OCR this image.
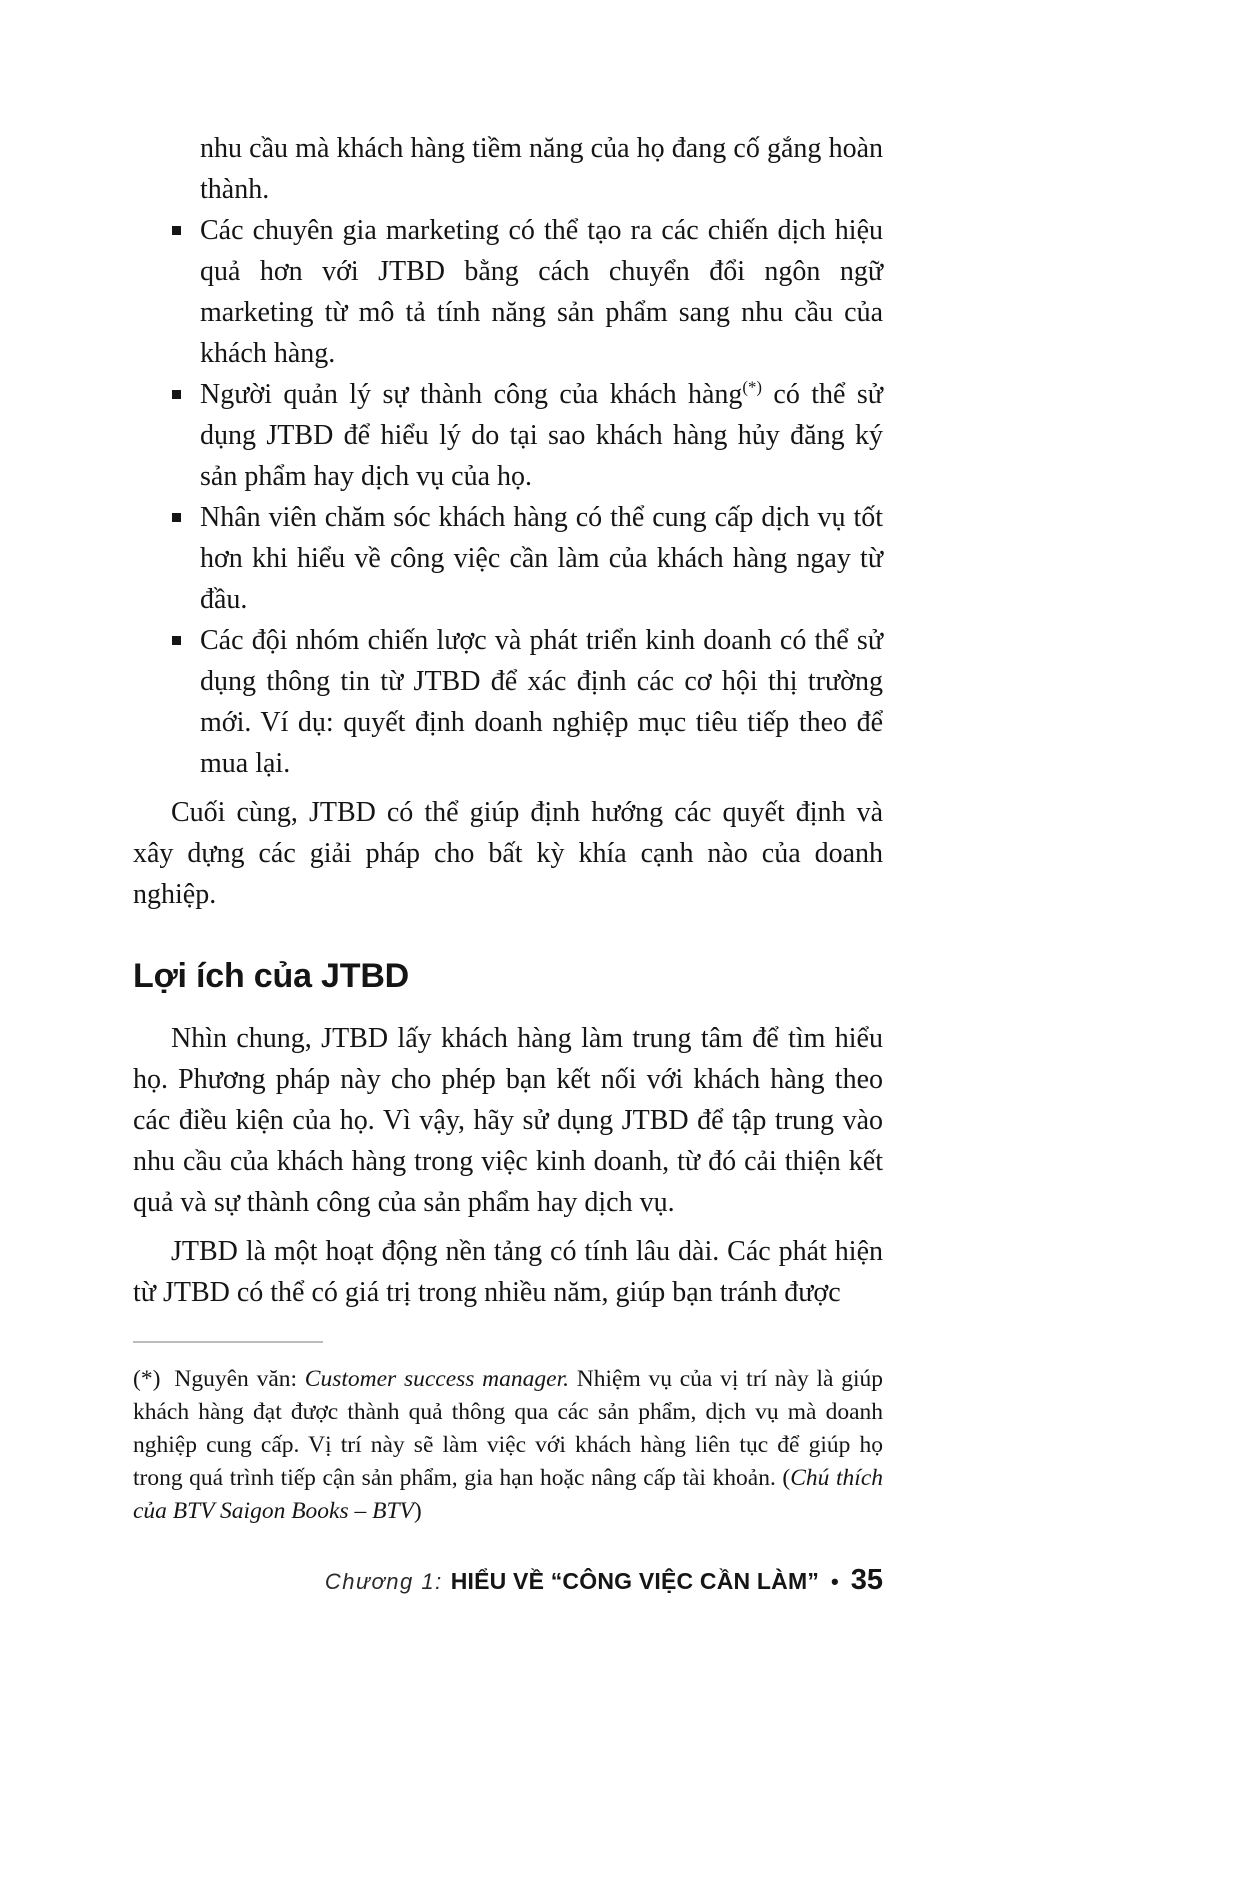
nhu cầu mà khách hàng tiềm năng của họ đang cố gắng hoàn thành.
Các chuyên gia marketing có thể tạo ra các chiến dịch hiệu quả hơn với JTBD bằng cách chuyển đổi ngôn ngữ marketing từ mô tả tính năng sản phẩm sang nhu cầu của khách hàng.
Người quản lý sự thành công của khách hàng(*) có thể sử dụng JTBD để hiểu lý do tại sao khách hàng hủy đăng ký sản phẩm hay dịch vụ của họ.
Nhân viên chăm sóc khách hàng có thể cung cấp dịch vụ tốt hơn khi hiểu về công việc cần làm của khách hàng ngay từ đầu.
Các đội nhóm chiến lược và phát triển kinh doanh có thể sử dụng thông tin từ JTBD để xác định các cơ hội thị trường mới. Ví dụ: quyết định doanh nghiệp mục tiêu tiếp theo để mua lại.

Cuối cùng, JTBD có thể giúp định hướng các quyết định và xây dựng các giải pháp cho bất kỳ khía cạnh nào của doanh nghiệp.

Lợi ích của JTBD

Nhìn chung, JTBD lấy khách hàng làm trung tâm để tìm hiểu họ. Phương pháp này cho phép bạn kết nối với khách hàng theo các điều kiện của họ. Vì vậy, hãy sử dụng JTBD để tập trung vào nhu cầu của khách hàng trong việc kinh doanh, từ đó cải thiện kết quả và sự thành công của sản phẩm hay dịch vụ.

JTBD là một hoạt động nền tảng có tính lâu dài. Các phát hiện từ JTBD có thể có giá trị trong nhiều năm, giúp bạn tránh được

(*) Nguyên văn: Customer success manager. Nhiệm vụ của vị trí này là giúp khách hàng đạt được thành quả thông qua các sản phẩm, dịch vụ mà doanh nghiệp cung cấp. Vị trí này sẽ làm việc với khách hàng liên tục để giúp họ trong quá trình tiếp cận sản phẩm, gia hạn hoặc nâng cấp tài khoản. (Chú thích của BTV Saigon Books – BTV)

Chương 1: HIỂU VỀ “CÔNG VIỆC CẦN LÀM” • 35
